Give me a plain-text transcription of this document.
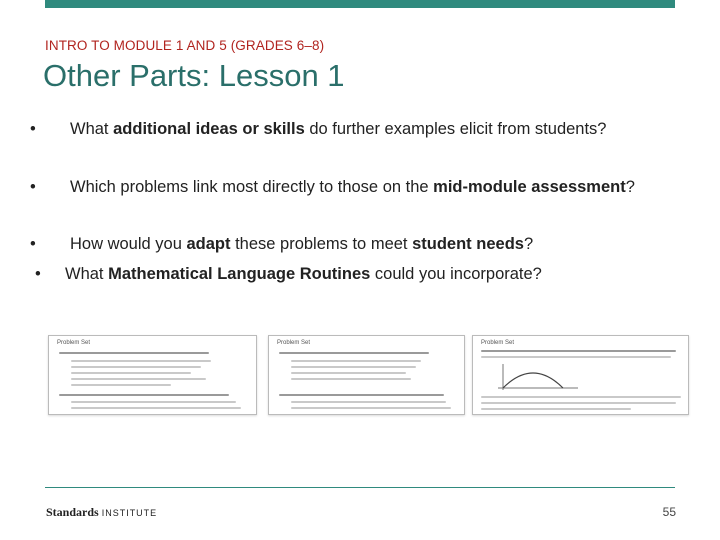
INTRO TO MODULE 1 AND 5 (GRADES 6–8)
Other Parts: Lesson 1
• What additional ideas or skills do further examples elicit from students?
• Which problems link most directly to those on the mid-module assessment?
• How would you adapt these problems to meet student needs?
• What Mathematical Language Routines could you incorporate?
Problem Set	Problem Set	Problem Set
Standards INSTITUTE	55
